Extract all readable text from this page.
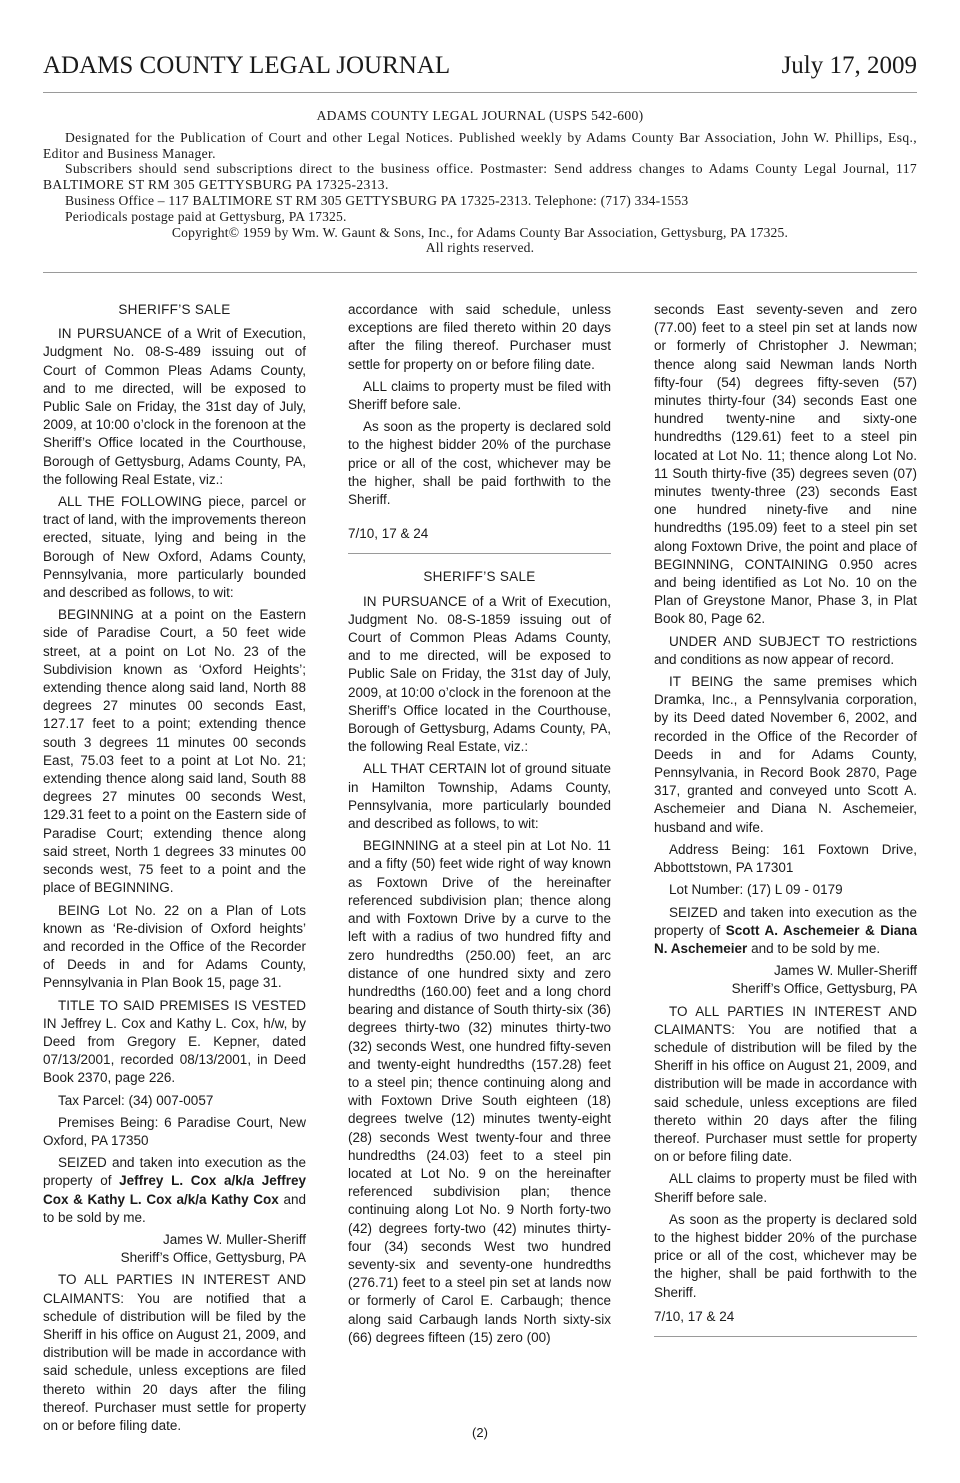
ADAMS COUNTY LEGAL JOURNAL	July 17, 2009
ADAMS COUNTY LEGAL JOURNAL (USPS 542-600)
Designated for the Publication of Court and other Legal Notices. Published weekly by Adams County Bar Association, John W. Phillips, Esq., Editor and Business Manager.
Subscribers should send subscriptions direct to the business office. Postmaster: Send address changes to Adams County Legal Journal, 117 BALTIMORE ST RM 305 GETTYSBURG PA 17325-2313.
Business Office – 117 BALTIMORE ST RM 305 GETTYSBURG PA 17325-2313. Telephone: (717) 334-1553
Periodicals postage paid at Gettysburg, PA 17325.
Copyright© 1959 by Wm. W. Gaunt & Sons, Inc., for Adams County Bar Association, Gettysburg, PA 17325.
All rights reserved.
SHERIFF’S SALE

IN PURSUANCE of a Writ of Execution, Judgment No. 08-S-489 issuing out of Court of Common Pleas Adams County, and to me directed, will be exposed to Public Sale on Friday, the 31st day of July, 2009, at 10:00 o’clock in the forenoon at the Sheriff’s Office located in the Courthouse, Borough of Gettysburg, Adams County, PA, the following Real Estate, viz.:

ALL THE FOLLOWING piece, parcel or tract of land, with the improvements thereon erected, situate, lying and being in the Borough of New Oxford, Adams County, Pennsylvania, more particularly bounded and described as follows, to wit:

BEGINNING at a point on the Eastern side of Paradise Court, a 50 feet wide street, at a point on Lot No. 23 of the Subdivision known as ‘Oxford Heights’; extending thence along said land, North 88 degrees 27 minutes 00 seconds East, 127.17 feet to a point; extending thence south 3 degrees 11 minutes 00 seconds East, 75.03 feet to a point at Lot No. 21; extending thence along said land, South 88 degrees 27 minutes 00 seconds West, 129.31 feet to a point on the Eastern side of Paradise Court; extending thence along said street, North 1 degrees 33 minutes 00 seconds west, 75 feet to a point and the place of BEGINNING.

BEING Lot No. 22 on a Plan of Lots known as ‘Re-division of Oxford heights’ and recorded in the Office of the Recorder of Deeds in and for Adams County, Pennsylvania in Plan Book 15, page 31.

TITLE TO SAID PREMISES IS VESTED IN Jeffrey L. Cox and Kathy L. Cox, h/w, by Deed from Gregory E. Kepner, dated 07/13/2001, recorded 08/13/2001, in Deed Book 2370, page 226.

Tax Parcel: (34) 007-0057

Premises Being: 6 Paradise Court, New Oxford, PA 17350

SEIZED and taken into execution as the property of Jeffrey L. Cox a/k/a Jeffrey Cox & Kathy L. Cox a/k/a Kathy Cox and to be sold by me.

James W. Muller-Sheriff
Sheriff’s Office, Gettysburg, PA

TO ALL PARTIES IN INTEREST AND CLAIMANTS: You are notified that a schedule of distribution will be filed by the Sheriff in his office on August 21, 2009, and distribution will be made in accordance with said schedule, unless exceptions are filed thereto within 20 days after the filing thereof. Purchaser must settle for property on or before filing date.

accordance with said schedule, unless exceptions are filed thereto within 20 days after the filing thereof. Purchaser must settle for property on or before filing date.

ALL claims to property must be filed with Sheriff before sale.

As soon as the property is declared sold to the highest bidder 20% of the purchase price or all of the cost, whichever may be the higher, shall be paid forthwith to the Sheriff.

7/10, 17 & 24

SHERIFF’S SALE

IN PURSUANCE of a Writ of Execution, Judgment No. 08-S-1859 issuing out of Court of Common Pleas Adams County, and to me directed, will be exposed to Public Sale on Friday, the 31st day of July, 2009, at 10:00 o’clock in the forenoon at the Sheriff’s Office located in the Courthouse, Borough of Gettysburg, Adams County, PA, the following Real Estate, viz.:

ALL THAT CERTAIN lot of ground situate in Hamilton Township, Adams County, Pennsylvania, more particularly bounded and described as follows, to wit:

BEGINNING at a steel pin at Lot No. 11 and a fifty (50) feet wide right of way known as Foxtown Drive of the hereinafter referenced subdivision plan; thence along and with Foxtown Drive by a curve to the left with a radius of two hundred fifty and zero hundredths (250.00) feet, an arc distance of one hundred sixty and zero hundredths (160.00) feet and a long chord bearing and distance of South thirty-six (36) degrees thirty-two (32) minutes thirty-two (32) seconds West, one hundred fifty-seven and twenty-eight hundredths (157.28) feet to a steel pin; thence continuing along and with Foxtown Drive South eighteen (18) degrees twelve (12) minutes twenty-eight (28) seconds West twenty-four and three hundredths (24.03) feet to a steel pin located at Lot No. 9 on the hereinafter referenced subdivision plan; thence continuing along Lot No. 9 North forty-two (42) degrees forty-two (42) minutes thirty-four (34) seconds West two hundred seventy-six and seventy-one hundredths (276.71) feet to a steel pin set at lands now or formerly of Carol E. Carbaugh; thence along said Carbaugh lands North sixty-six (66) degrees fifteen (15) zero (00)

seconds East seventy-seven and zero (77.00) feet to a steel pin set at lands now or formerly of Christopher J. Newman; thence along said Newman lands North fifty-four (54) degrees fifty-seven (57) minutes thirty-four (34) seconds East one hundred twenty-nine and sixty-one hundredths (129.61) feet to a steel pin located at Lot No. 11; thence along Lot No. 11 South thirty-five (35) degrees seven (07) minutes twenty-three (23) seconds East one hundred ninety-five and nine hundredths (195.09) feet to a steel pin set along Foxtown Drive, the point and place of BEGINNING, CONTAINING 0.950 acres and being identified as Lot No. 10 on the Plan of Greystone Manor, Phase 3, in Plat Book 80, Page 62.

UNDER AND SUBJECT TO restrictions and conditions as now appear of record.

IT BEING the same premises which Dramka, Inc., a Pennsylvania corporation, by its Deed dated November 6, 2002, and recorded in the Office of the Recorder of Deeds in and for Adams County, Pennsylvania, in Record Book 2870, Page 317, granted and conveyed unto Scott A. Aschemeier and Diana N. Aschemeier, husband and wife.

Address Being: 161 Foxtown Drive, Abbottstown, PA 17301

Lot Number: (17) L 09 - 0179

SEIZED and taken into execution as the property of Scott A. Aschemeier & Diana N. Aschemeier and to be sold by me.

James W. Muller-Sheriff
Sheriff’s Office, Gettysburg, PA

TO ALL PARTIES IN INTEREST AND CLAIMANTS: You are notified that a schedule of distribution will be filed by the Sheriff in his office on August 21, 2009, and distribution will be made in accordance with said schedule, unless exceptions are filed thereto within 20 days after the filing thereof. Purchaser must settle for property on or before filing date.

ALL claims to property must be filed with Sheriff before sale.

As soon as the property is declared sold to the highest bidder 20% of the purchase price or all of the cost, whichever may be the higher, shall be paid forthwith to the Sheriff.

7/10, 17 & 24

(2)
